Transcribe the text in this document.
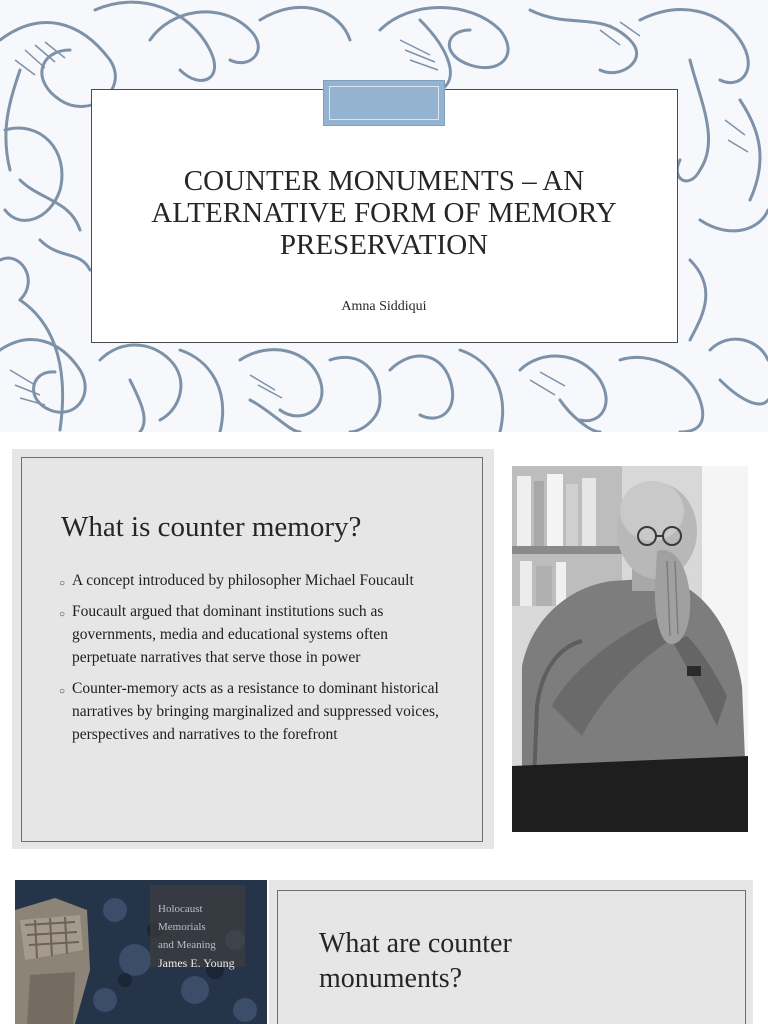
COUNTER MONUMENTS – AN ALTERNATIVE FORM OF MEMORY PRESERVATION
Amna Siddiqui
What is counter memory?
○ A concept introduced by philosopher Michael Foucault
○ Foucault argued that dominant institutions such as governments, media and educational systems often perpetuate narratives that serve those in power
○ Counter-memory acts as a resistance to dominant historical narratives by bringing marginalized and suppressed voices, perspectives and narratives to the forefront
Holocaust
Memorials
and Meaning
James E. Young
What are counter monuments?
